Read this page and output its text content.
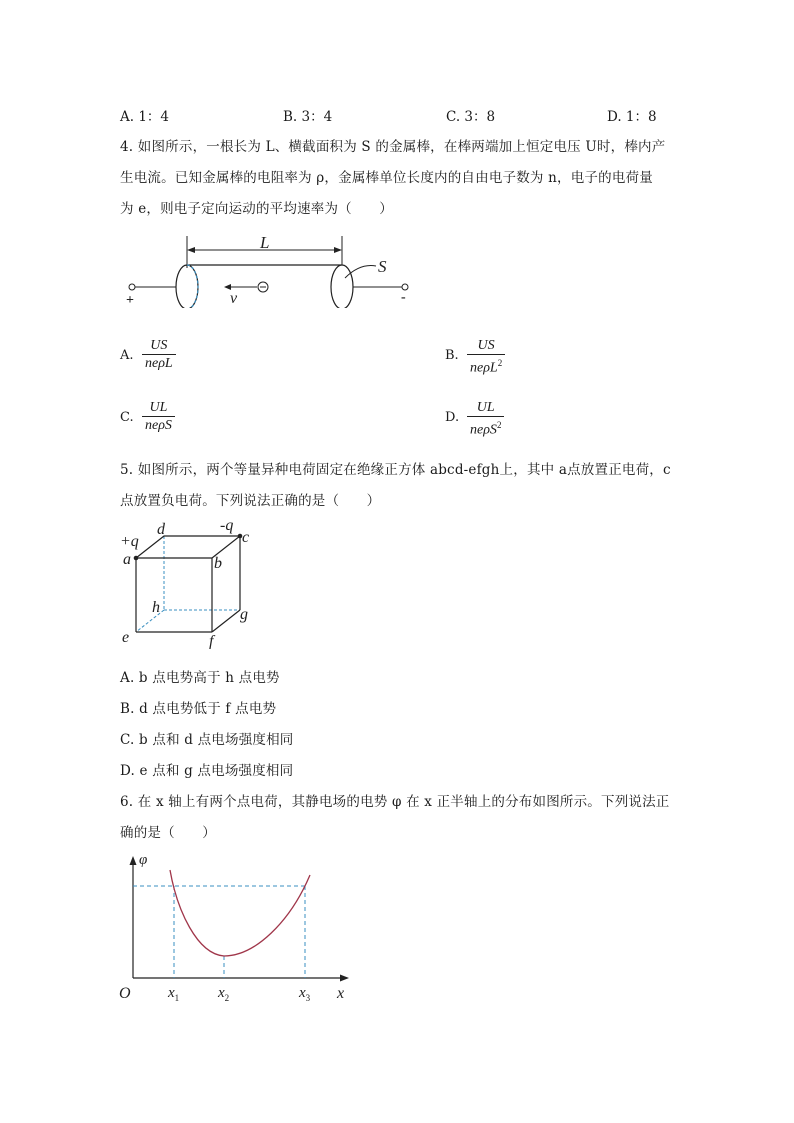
A. 1：4	B. 3：4	C. 3：8	D. 1：8
4. 如图所示，一根长为 L、横截面积为 S 的金属棒，在棒两端加上恒定电压 U时，棒内产
生电流。已知金属棒的电阻率为 ρ，金属棒单位长度内的自由电子数为 n，电子的电荷量
为 e，则电子定向运动的平均速率为（　　）
L
S
+	-
v
A.
US
neρL
B.
US
neρL$^2$
C.
UL
neρS
D.
UL
neρS$^2$
5. 如图所示，两个等量异种电荷固定在绝缘正方体 abcd-efgh上，其中 a点放置正电荷，c
点放置负电荷。下列说法正确的是（　　）
+q
-q
a	b
c
d
e	f
g
h
A. b 点电势高于 h 点电势
B. d 点电势低于 f 点电势
C. b 点和 d 点电场强度相同
D. e 点和 g 点电场强度相同
6. 在 x 轴上有两个点电荷，其静电场的电势 φ 在 x 正半轴上的分布如图所示。下列说法正
确的是（　　）
φ
O	x
$x_1$	$x_2$	$x_3$
